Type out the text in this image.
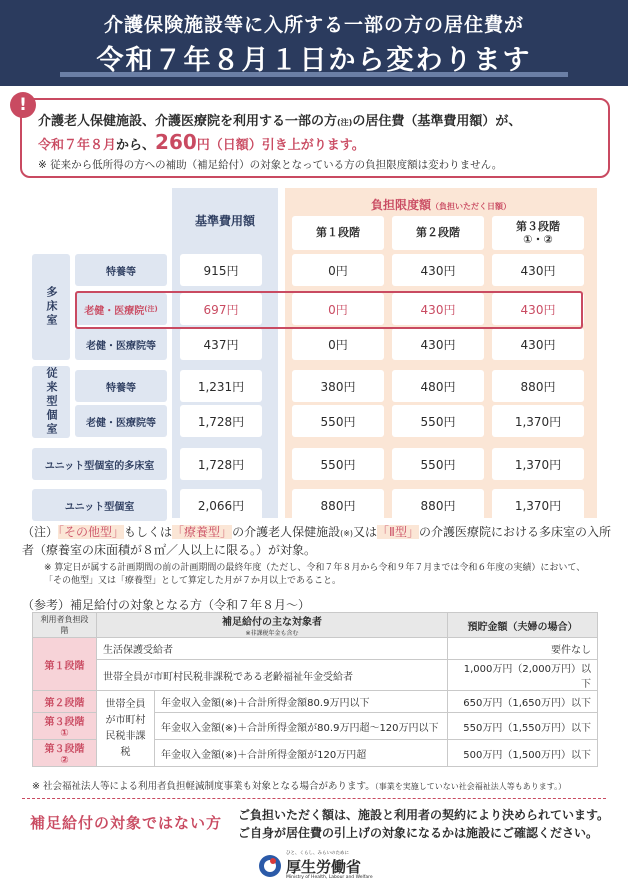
介護保険施設等に入所する一部の方の居住費が
令和７年８月１日から変わります
介護老人保健施設、介護医療院を利用する一部の方(注)の居住費（基準費用額）が、
令和７年８月から、260円（日額）引き上がります。
※ 従来から低所得の方への補助（補足給付）の対象となっている方の負担限度額は変わりません。
!
基準費用額
負担限度額（負担いただく日額）
第１段階	第２段階
第３段階
①・②
多床室
従来型個室
特養等	915円	0円	430円	430円
老健・医療院 (注)	697円	0円	430円	430円
老健・医療院等	437円	0円	430円	430円
特養等	1,231円	380円	480円	880円
老健・医療院等	1,728円	550円	550円	1,370円
ユニット型個室的多床室	1,728円	550円	550円	1,370円
ユニット型個室	2,066円	880円	880円	1,370円
（注）「その他型」もしくは「療養型」の介護老人保健施設(※)又は「Ⅱ型」の介護医療院における多床室の入所者（療養室の床面積が８㎡／人以上に限る。）が対象。
※ 算定日が属する計画期間の前の計画期間の最終年度（ただし、令和７年８月から令和９年７月までは令和６年度の実績）において、
「その他型」又は「療養型」として算定した月が７か月以上であること。
（参考）補足給付の対象となる方（令和７年８月～）
利用者負担段階	補足給付の主な対象者
※非課税年金も含む		預貯金額（夫婦の場合）
第１段階	生活保護受給者		要件なし
	世帯全員が市町村民税非課税である老齢福祉年金受給者		1,000万円（2,000万円）以下
第２段階	世帯全員が市町村民税非課税	年金収入金額(※)＋合計所得金額80.9万円以下	650万円（1,650万円）以下
第３段階 ①		年金収入金額(※)＋合計所得金額が80.9万円超～120万円以下	550万円（1,550万円）以下
第３段階 ②		年金収入金額(※)＋合計所得金額が120万円超	500万円（1,500万円）以下
※ 社会福祉法人等による利用者負担軽減制度事業も対象となる場合があります。（事業を実施していない社会福祉法人等もあります。）
補足給付の対象ではない方 ご負担いただく額は、施設と利用者の契約により決められています。
ご自身が居住費の引上げの対象になるかは施設にご確認ください。
ひと、くらし、みらいのために
厚生労働省
Ministry of Health, Labour and Welfare
